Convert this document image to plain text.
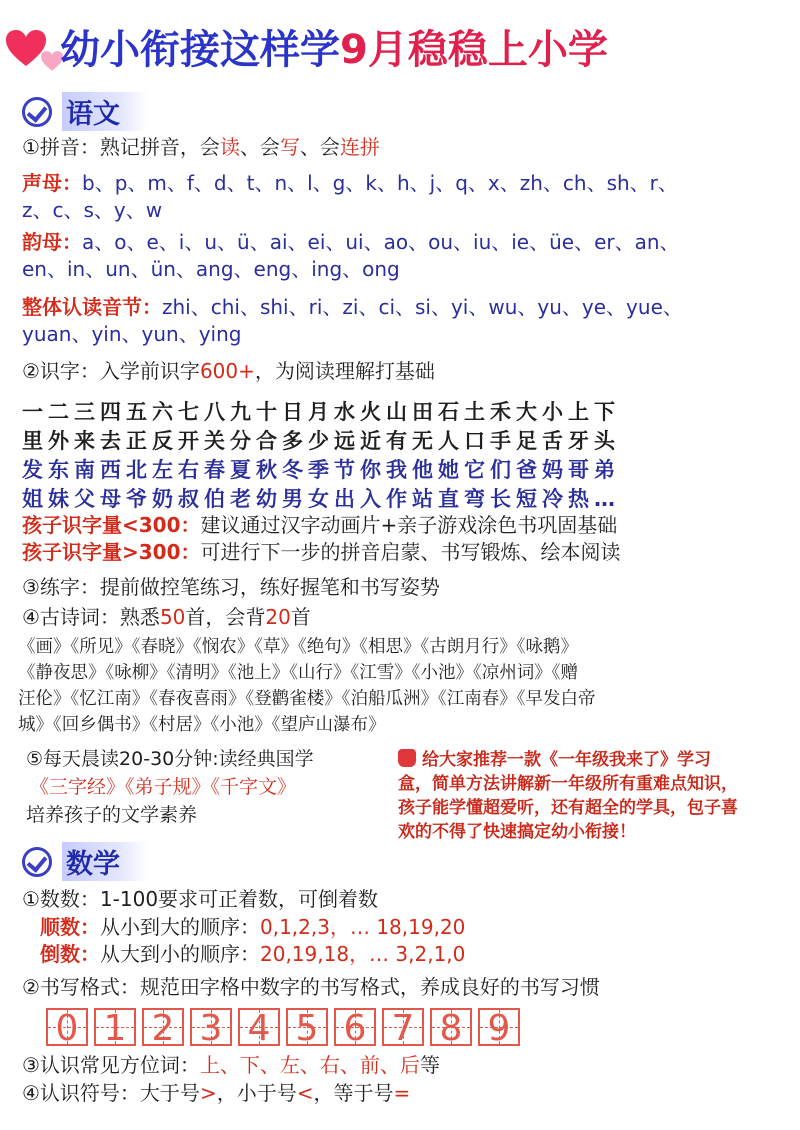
幼小衔接这样学9月稳稳上小学
语文
①拼音：熟记拼音，会读、会写、会连拼
声母：b、p、m、f、d、t、n、l、g、k、h、j、q、x、zh、ch、sh、r、
z、c、s、y、w
韵母：a、o、e、i、u、ü、ai、ei、ui、ao、ou、iu、ie、üe、er、an、
en、in、un、ün、ang、eng、ing、ong
整体认读音节：zhi、chi、shi、ri、zi、ci、si、yi、wu、yu、ye、yue、
yuan、yin、yun、ying
②识字：入学前识字600+，为阅读理解打基础
一二三四五六七八九十日月水火山田石土禾大小上下
里外来去正反开关分合多少远近有无人口手足舌牙头
发东南西北左右春夏秋冬季节你我他她它们爸妈哥弟
姐妹父母爷奶叔伯老幼男女出入作站直弯长短冷热…
孩子识字量<300：建议通过汉字动画片+亲子游戏涂色书巩固基础
孩子识字量>300：可进行下一步的拼音启蒙、书写锻炼、绘本阅读
③练字：提前做控笔练习，练好握笔和书写姿势
④古诗词：熟悉50首，会背20首
《画》《所见》《春晓》《悯农》《草》《绝句》《相思》《古朗月行》《咏鹅》
《静夜思》《咏柳》《清明》《池上》《山行》《江雪》《小池》《凉州词》《赠
汪伦》《忆江南》《春夜喜雨》《登鹳雀楼》《泊船瓜洲》《江南春》《早发白帝
城》《回乡偶书》《村居》《小池》《望庐山瀑布》
⑤每天晨读20-30分钟:读经典国学
《三字经》《弟子规》《千字文》
培养孩子的文学素养
给大家推荐一款《一年级我来了》学习
盒，简单方法讲解新一年级所有重难点知识，
孩子能学懂超爱听，还有超全的学具，包子喜
欢的不得了快速搞定幼小衔接！
数学
①数数：1-100要求可正着数，可倒着数
顺数：从小到大的顺序：0,1,2,3，… 18,19,20
倒数：从大到小的顺序：20,19,18，… 3,2,1,0
②书写格式：规范田字格中数字的书写格式，养成良好的书写习惯
0 1 2 3 4 5 6 7 8 9
③认识常见方位词：上、下、左、右、前、后等
④认识符号：大于号>，小于号<，等于号=
